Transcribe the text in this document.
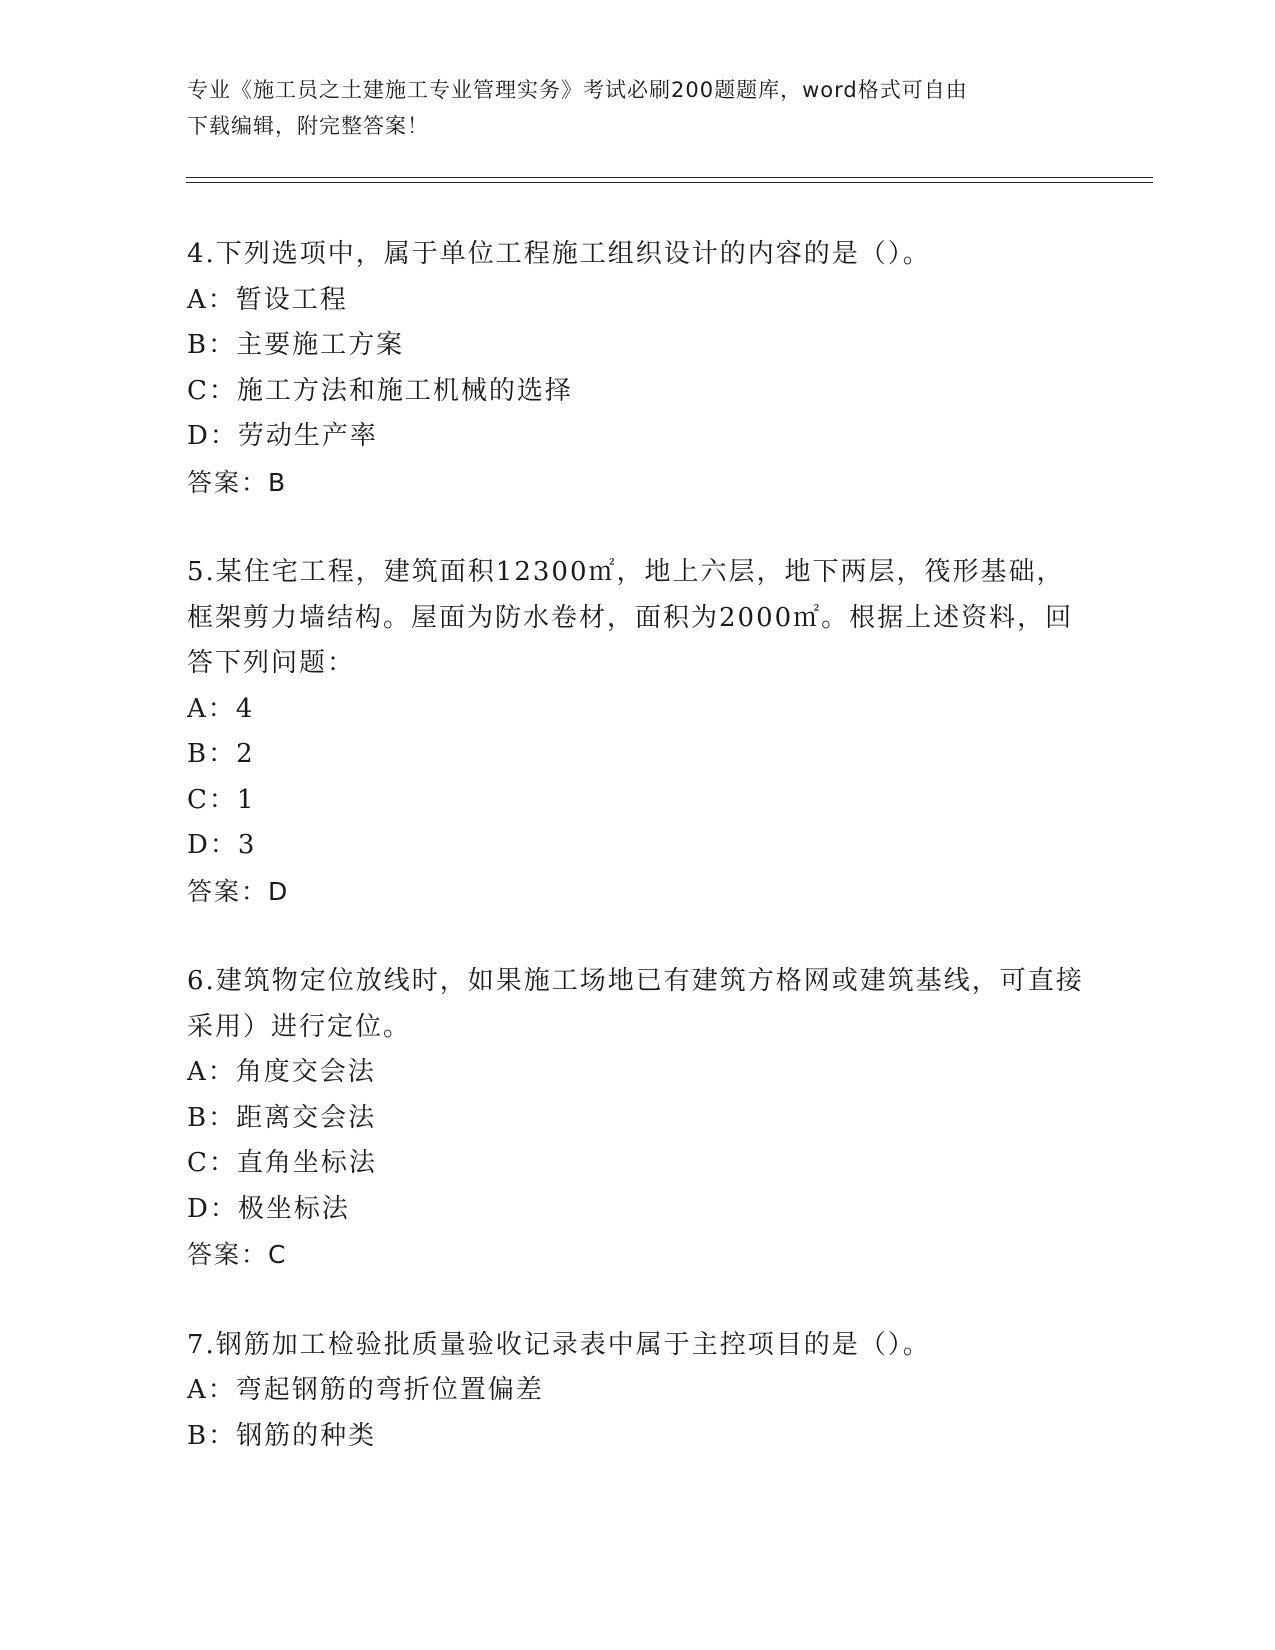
专业《施工员之土建施工专业管理实务》考试必刷200题题库，word格式可自由
下载编辑，附完整答案！

4.下列选项中，属于单位工程施工组织设计的内容的是（）。

A：暂设工程

B：主要施工方案

C：施工方法和施工机械的选择

D：劳动生产率

答案：B

5.某住宅工程，建筑面积12300㎡，地上六层，地下两层，筏形基础，框架剪力墙结构。屋面为防水卷材，面积为2000㎡。根据上述资料，回答下列问题：

A：4

B：2

C：1

D：3

答案：D

6.建筑物定位放线时，如果施工场地已有建筑方格网或建筑基线，可直接采用）进行定位。

A：角度交会法

B：距离交会法

C：直角坐标法

D：极坐标法

答案：C

7.钢筋加工检验批质量验收记录表中属于主控项目的是（）。

A：弯起钢筋的弯折位置偏差

B：钢筋的种类
